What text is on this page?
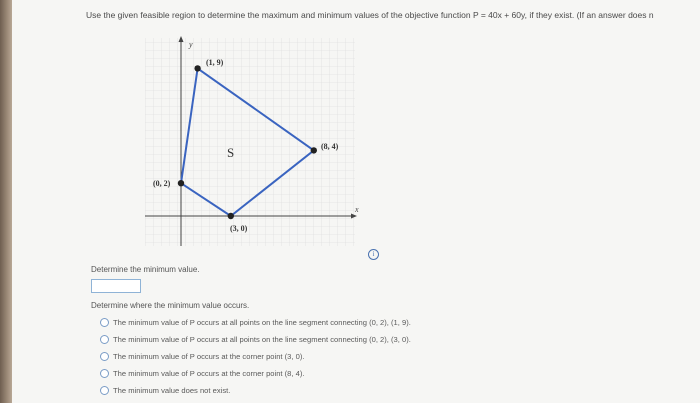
Use the given feasible region to determine the maximum and minimum values of the objective function P = 40x + 60y, if they exist. (If an answer does n
y
x
S
(1, 9)
(8, 4)
(3, 0)
(0, 2)
i
Determine the minimum value.
Determine where the minimum value occurs.
The minimum value of P occurs at all points on the line segment connecting (0, 2), (1, 9).
The minimum value of P occurs at all points on the line segment connecting (0, 2), (3, 0).
The minimum value of P occurs at the corner point (3, 0).
The minimum value of P occurs at the corner point (8, 4).
The minimum value does not exist.
